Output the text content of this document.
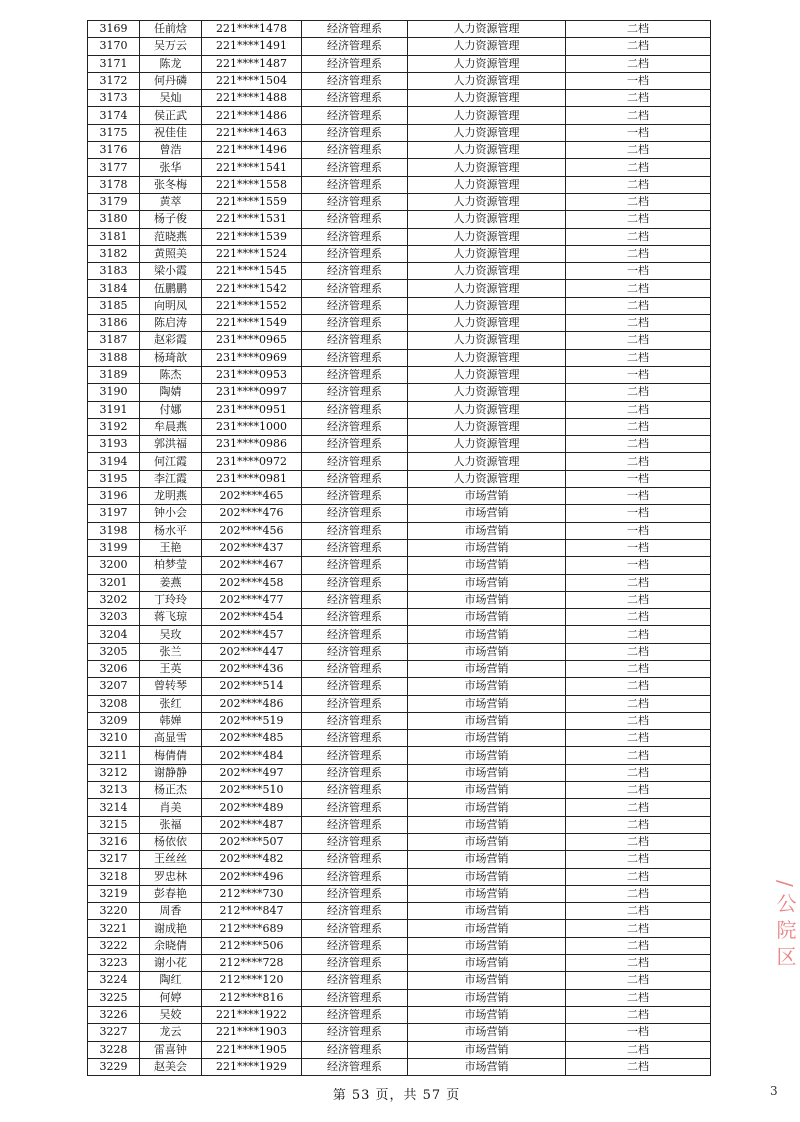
3169	任前焓	221****1478	经济管理系	人力资源管理	二档
3170	吴万云	221****1491	经济管理系	人力资源管理	二档
3171	陈龙	221****1487	经济管理系	人力资源管理	二档
3172	何丹磷	221****1504	经济管理系	人力资源管理	一档
3173	吴灿	221****1488	经济管理系	人力资源管理	二档
3174	侯正武	221****1486	经济管理系	人力资源管理	二档
3175	祝佳佳	221****1463	经济管理系	人力资源管理	一档
3176	曾浩	221****1496	经济管理系	人力资源管理	二档
3177	张华	221****1541	经济管理系	人力资源管理	二档
3178	张冬梅	221****1558	经济管理系	人力资源管理	二档
3179	黄萃	221****1559	经济管理系	人力资源管理	二档
3180	杨子俊	221****1531	经济管理系	人力资源管理	二档
3181	范晓燕	221****1539	经济管理系	人力资源管理	二档
3182	黄照美	221****1524	经济管理系	人力资源管理	二档
3183	梁小霞	221****1545	经济管理系	人力资源管理	一档
3184	伍鹏鹏	221****1542	经济管理系	人力资源管理	二档
3185	向明凤	221****1552	经济管理系	人力资源管理	二档
3186	陈启涛	221****1549	经济管理系	人力资源管理	二档
3187	赵彩霞	231****0965	经济管理系	人力资源管理	二档
3188	杨琦歆	231****0969	经济管理系	人力资源管理	二档
3189	陈杰	231****0953	经济管理系	人力资源管理	一档
3190	陶婧	231****0997	经济管理系	人力资源管理	二档
3191	付娜	231****0951	经济管理系	人力资源管理	二档
3192	牟晨燕	231****1000	经济管理系	人力资源管理	二档
3193	郭洪福	231****0986	经济管理系	人力资源管理	二档
3194	何江霞	231****0972	经济管理系	人力资源管理	二档
3195	李江霞	231****0981	经济管理系	人力资源管理	一档
3196	龙明燕	202****465	经济管理系	市场营销	一档
3197	钟小会	202****476	经济管理系	市场营销	一档
3198	杨水平	202****456	经济管理系	市场营销	一档
3199	王艳	202****437	经济管理系	市场营销	一档
3200	柏梦莹	202****467	经济管理系	市场营销	一档
3201	姜燕	202****458	经济管理系	市场营销	二档
3202	丁玲玲	202****477	经济管理系	市场营销	二档
3203	蒋飞琼	202****454	经济管理系	市场营销	二档
3204	吴玫	202****457	经济管理系	市场营销	二档
3205	张兰	202****447	经济管理系	市场营销	二档
3206	王英	202****436	经济管理系	市场营销	二档
3207	曾转琴	202****514	经济管理系	市场营销	二档
3208	张红	202****486	经济管理系	市场营销	二档
3209	韩婵	202****519	经济管理系	市场营销	二档
3210	高显雪	202****485	经济管理系	市场营销	二档
3211	梅倩倩	202****484	经济管理系	市场营销	二档
3212	谢静静	202****497	经济管理系	市场营销	二档
3213	杨正杰	202****510	经济管理系	市场营销	二档
3214	肖美	202****489	经济管理系	市场营销	二档
3215	张福	202****487	经济管理系	市场营销	二档
3216	杨依依	202****507	经济管理系	市场营销	二档
3217	王丝丝	202****482	经济管理系	市场营销	二档
3218	罗忠林	202****496	经济管理系	市场营销	二档
3219	彭春艳	212****730	经济管理系	市场营销	二档
3220	周香	212****847	经济管理系	市场营销	二档
3221	谢成艳	212****689	经济管理系	市场营销	二档
3222	余晓倩	212****506	经济管理系	市场营销	二档
3223	谢小花	212****728	经济管理系	市场营销	二档
3224	陶红	212****120	经济管理系	市场营销	二档
3225	何婷	212****816	经济管理系	市场营销	二档
3226	吴姣	221****1922	经济管理系	市场营销	二档
3227	龙云	221****1903	经济管理系	市场营销	一档
3228	雷喜钟	221****1905	经济管理系	市场营销	二档
3229	赵美会	221****1929	经济管理系	市场营销	二档
第 53 页，共 57 页
/ 公 院 区
3
